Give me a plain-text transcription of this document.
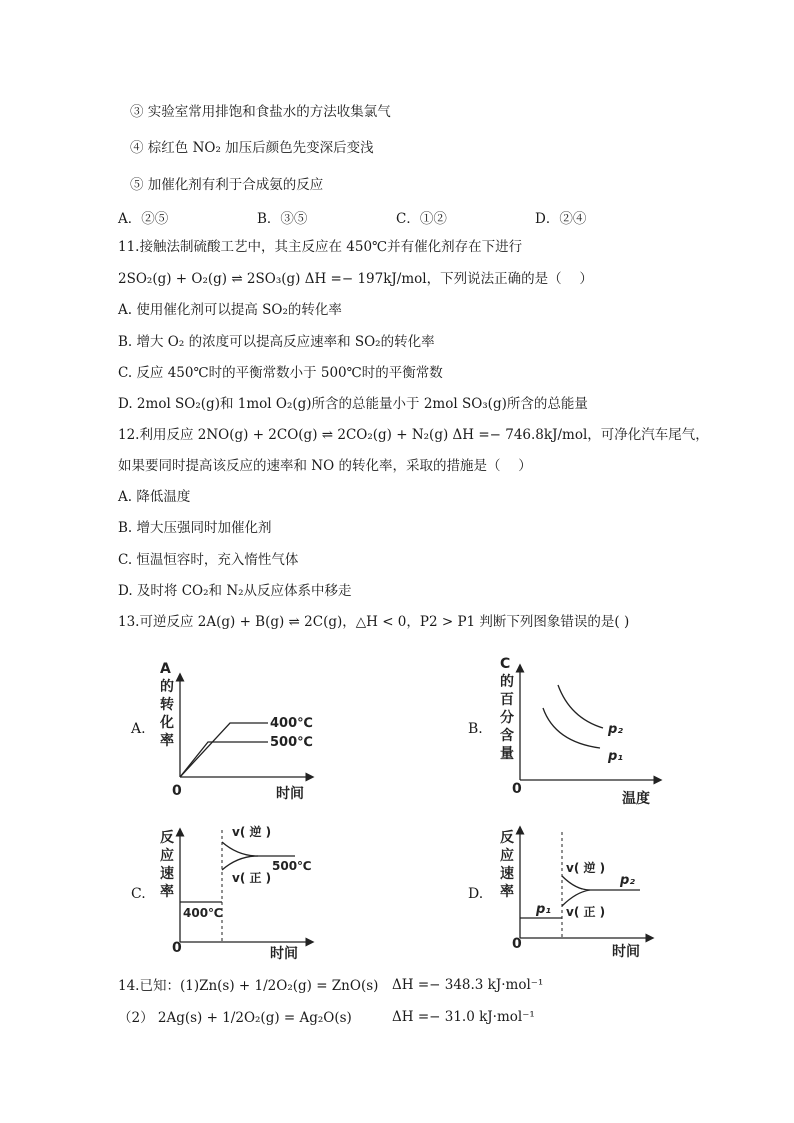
③ 实验室常用排饱和食盐水的方法收集氯气
④ 棕红色 NO₂ 加压后颜色先变深后变浅
⑤ 加催化剂有利于合成氨的反应
A．②⑤	B．③⑤	C．①②	D．②④
11.接触法制硫酸工艺中，其主反应在 450℃并有催化剂存在下进行
2SO₂(g) + O₂(g) ⇌ 2SO₃(g) ΔH =− 197kJ/mol，下列说法正确的是（　 ）
A. 使用催化剂可以提高 SO₂的转化率
B. 增大 O₂ 的浓度可以提高反应速率和 SO₂的转化率
C. 反应 450℃时的平衡常数小于 500℃时的平衡常数
D. 2mol SO₂(g)和 1mol O₂(g)所含的总能量小于 2mol SO₃(g)所含的总能量
12.利用反应 2NO(g) + 2CO(g) ⇌ 2CO₂(g) + N₂(g) ΔH =− 746.8kJ/mol，可净化汽车尾气，
如果要同时提高该反应的速率和 NO 的转化率，采取的措施是（　 ）
A. 降低温度
B. 增大压强同时加催化剂
C. 恒温恒容时，充入惰性气体
D. 及时将 CO₂和 N₂从反应体系中移走
13.可逆反应 2A(g) + B(g) ⇌ 2C(g)，△H < 0，P2 > P1 判断下列图象错误的是( )
A.	B.
C.	D.
A
的
转
化
率
0	时间
400℃
500℃
C
的
百
分
含
量
0
温度
p₂
p₁
反
应
速
率
0	时间
v( 逆 )
v( 正 )
500℃
400℃
反
应
速
率
0	时间
v( 逆 )
v( 正 )
p₂
p₁
14.已知：(1)Zn(s) + 1/2O₂(g) = ZnO(s) ΔH =− 348.3 kJ·mol⁻¹
（2） 2Ag(s) + 1/2O₂(g) = Ag₂O(s)	ΔH =− 31.0 kJ·mol⁻¹
